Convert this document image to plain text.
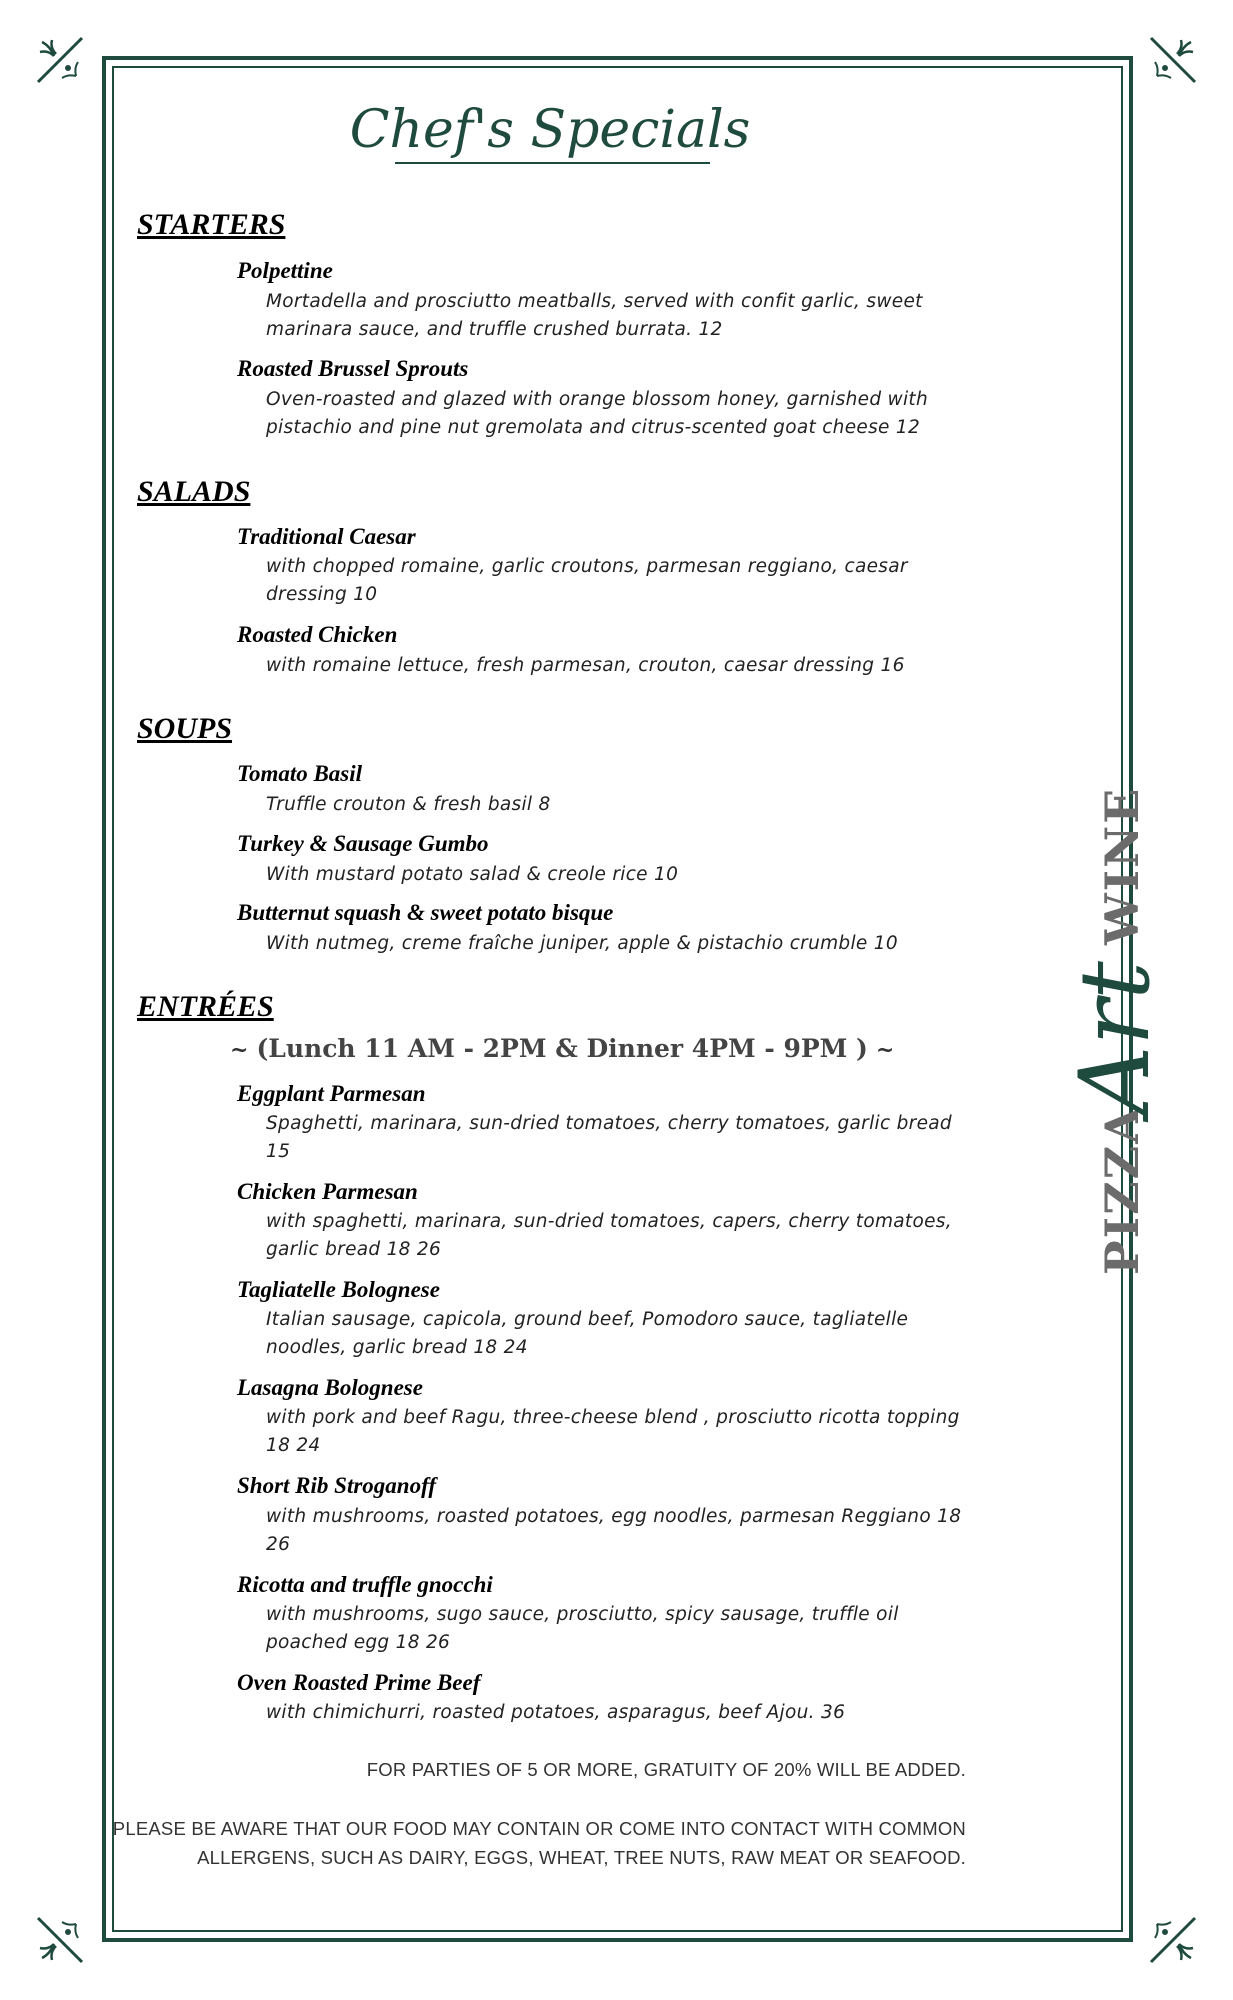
Chef's Specials
STARTERS
Polpettine
Mortadella and prosciutto meatballs, served with confit garlic, sweet marinara sauce, and truffle crushed burrata. 12
Roasted Brussel Sprouts
Oven-roasted and glazed with orange blossom honey, garnished with pistachio and pine nut gremolata and citrus-scented goat cheese 12
SALADS
Traditional Caesar
with chopped romaine, garlic croutons, parmesan reggiano, caesar dressing 10
Roasted Chicken
with romaine lettuce, fresh parmesan, crouton, caesar dressing 16
SOUPS
Tomato Basil
Truffle crouton & fresh basil 8
Turkey & Sausage Gumbo
With mustard potato salad & creole rice 10
Butternut squash & sweet potato bisque
With nutmeg, creme fraîche juniper, apple & pistachio crumble 10
ENTRÉES
~ (Lunch 11 AM - 2PM & Dinner 4PM - 9PM ) ~
Eggplant Parmesan
Spaghetti, marinara, sun-dried tomatoes, cherry tomatoes, garlic bread 15
Chicken Parmesan
with spaghetti, marinara, sun-dried tomatoes, capers, cherry tomatoes, garlic bread 18 26
Tagliatelle Bolognese
Italian sausage, capicola, ground beef, Pomodoro sauce, tagliatelle noodles, garlic bread 18 24
Lasagna Bolognese
with pork and beef Ragu, three-cheese blend , prosciutto ricotta topping 18 24
Short Rib Stroganoff
with mushrooms, roasted potatoes, egg noodles, parmesan Reggiano 18 26
Ricotta and truffle gnocchi
with mushrooms, sugo sauce, prosciutto, spicy sausage, truffle oil poached egg 18 26
Oven Roasted Prime Beef
with chimichurri, roasted potatoes, asparagus, beef Ajou. 36
FOR PARTIES OF 5 OR MORE, GRATUITY OF 20% WILL BE ADDED.
PLEASE BE AWARE THAT OUR FOOD MAY CONTAIN OR COME INTO CONTACT WITH COMMON
ALLERGENS, SUCH AS DAIRY, EGGS, WHEAT, TREE NUTS, RAW MEAT OR SEAFOOD.
PIZZA
Art
WINE
